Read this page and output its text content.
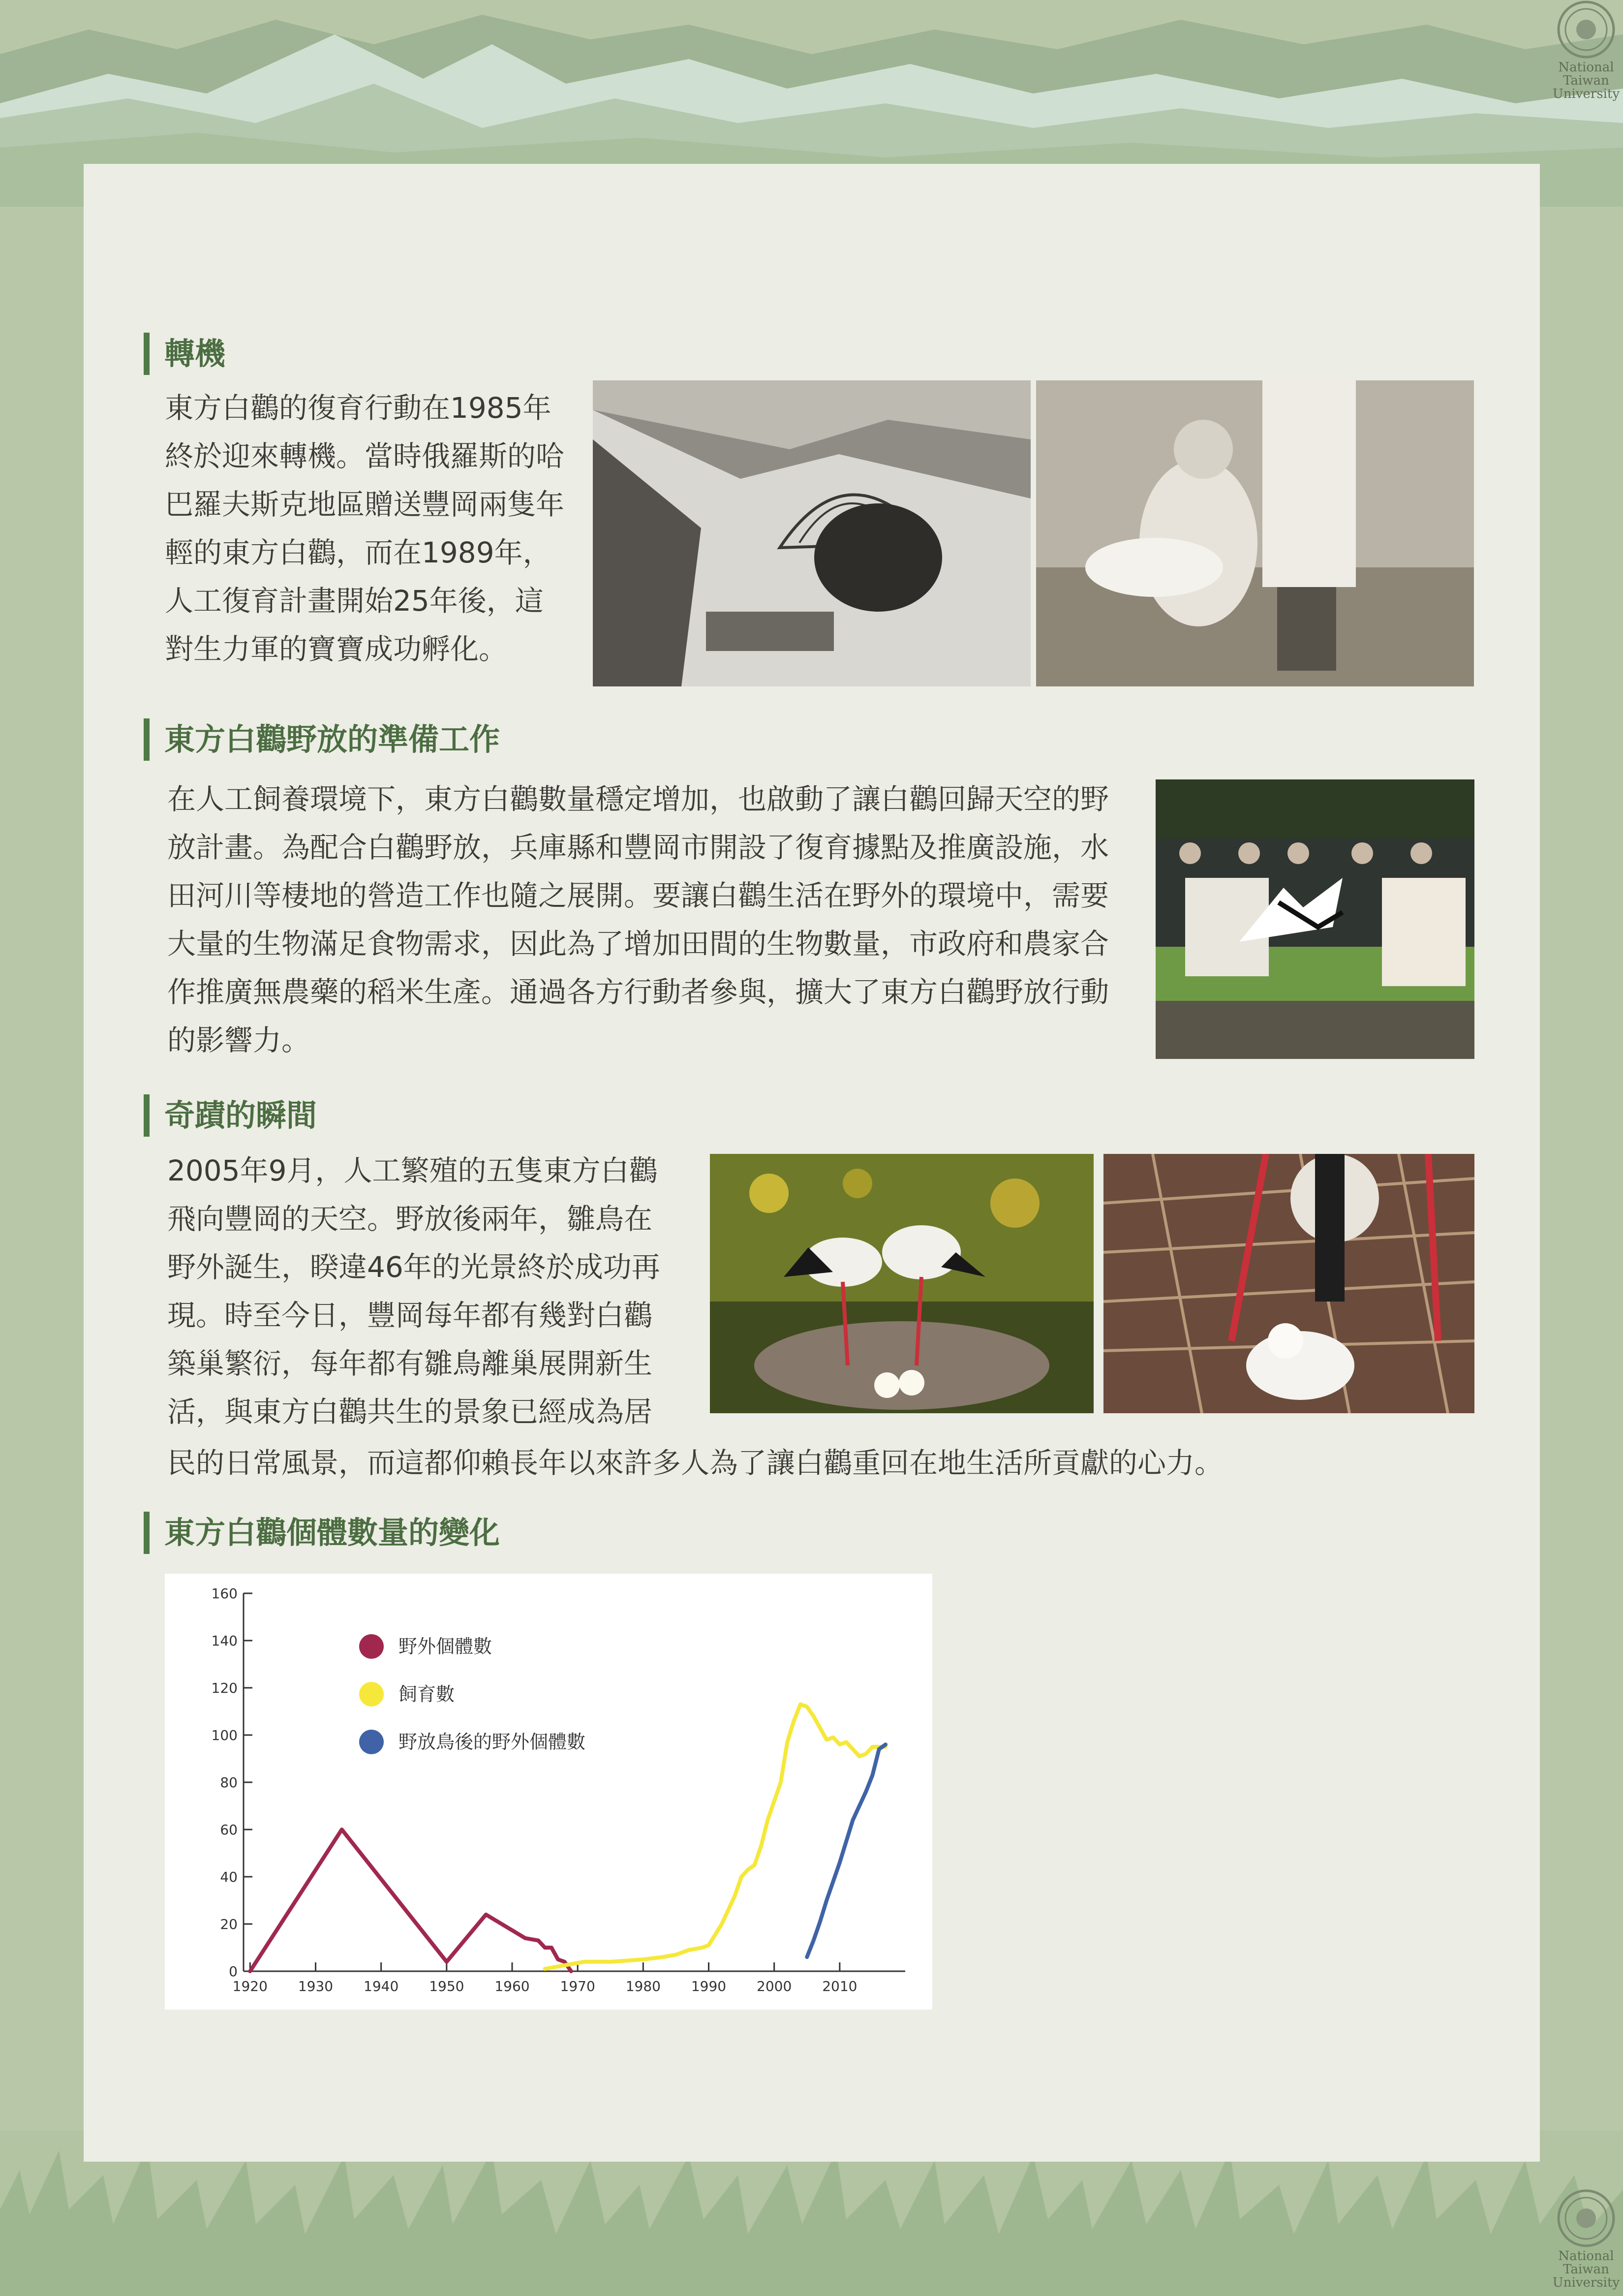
National
Taiwan
University
National
Taiwan
University
轉機
東方白鸛的復育行動在1985年
終於迎來轉機。當時俄羅斯的哈
巴羅夫斯克地區贈送豐岡兩隻年
輕的東方白鸛，而在1989年，
人工復育計畫開始25年後，這
對生力軍的寶寶成功孵化。
東方白鸛野放的準備工作
在人工飼養環境下，東方白鸛數量穩定增加，也啟動了讓白鸛回歸天空的野
放計畫。為配合白鸛野放，兵庫縣和豐岡市開設了復育據點及推廣設施，水
田河川等棲地的營造工作也隨之展開。要讓白鸛生活在野外的環境中，需要
大量的生物滿足食物需求，因此為了增加田間的生物數量，市政府和農家合
作推廣無農藥的稻米生產。通過各方行動者參與，擴大了東方白鸛野放行動
的影響力。
奇蹟的瞬間
2005年9月，人工繁殖的五隻東方白鸛
飛向豐岡的天空。野放後兩年，雛鳥在
野外誕生，睽違46年的光景終於成功再
現。時至今日，豐岡每年都有幾對白鸛
築巢繁衍，每年都有雛鳥離巢展開新生
活，與東方白鸛共生的景象已經成為居
民的日常風景，而這都仰賴長年以來許多人為了讓白鸛重回在地生活所貢獻的心力。
東方白鸛個體數量的變化
0
20
40
60
80
100
120
140
160
1920 1930 1940 1950 1960 1970 1980 1990 2000 2010
野外個體數
飼育數
野放鳥後的野外個體數
